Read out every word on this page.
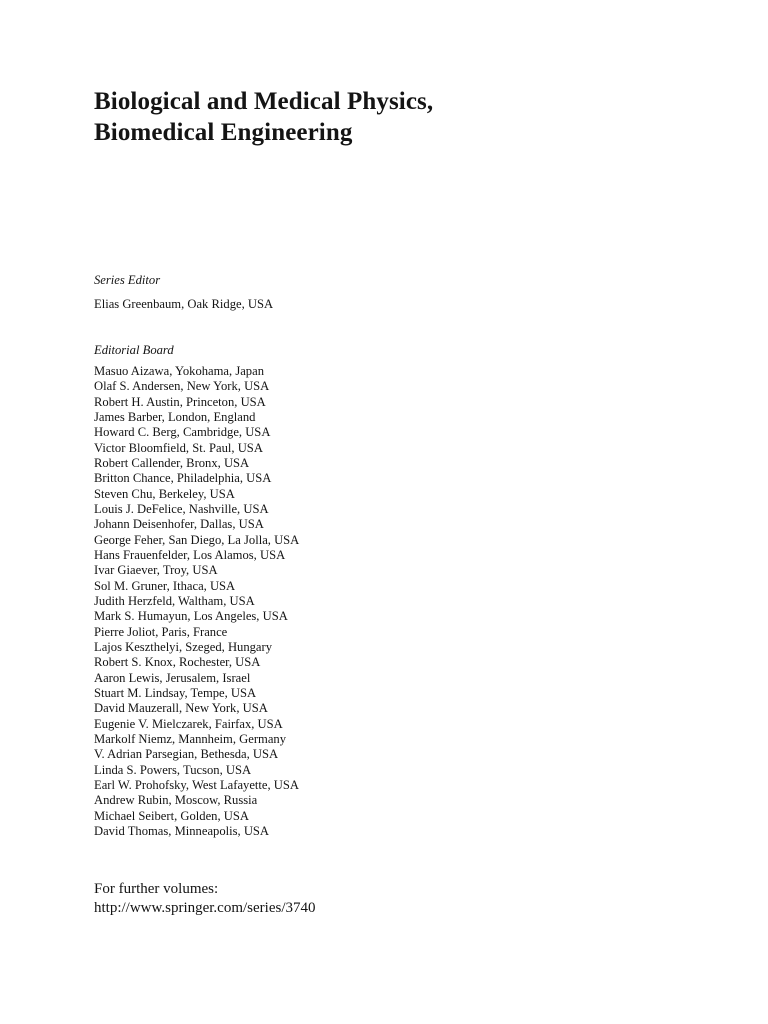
Biological and Medical Physics,
Biomedical Engineering

Series Editor

Elias Greenbaum, Oak Ridge, USA

Editorial Board

Masuo Aizawa, Yokohama, Japan
Olaf S. Andersen, New York, USA
Robert H. Austin, Princeton, USA
James Barber, London, England
Howard C. Berg, Cambridge, USA
Victor Bloomfield, St. Paul, USA
Robert Callender, Bronx, USA
Britton Chance, Philadelphia, USA
Steven Chu, Berkeley, USA
Louis J. DeFelice, Nashville, USA
Johann Deisenhofer, Dallas, USA
George Feher, San Diego, La Jolla, USA
Hans Frauenfelder, Los Alamos, USA
Ivar Giaever, Troy, USA
Sol M. Gruner, Ithaca, USA
Judith Herzfeld, Waltham, USA
Mark S. Humayun, Los Angeles, USA
Pierre Joliot, Paris, France
Lajos Keszthelyi, Szeged, Hungary
Robert S. Knox, Rochester, USA
Aaron Lewis, Jerusalem, Israel
Stuart M. Lindsay, Tempe, USA
David Mauzerall, New York, USA
Eugenie V. Mielczarek, Fairfax, USA
Markolf Niemz, Mannheim, Germany
V. Adrian Parsegian, Bethesda, USA
Linda S. Powers, Tucson, USA
Earl W. Prohofsky, West Lafayette, USA
Andrew Rubin, Moscow, Russia
Michael Seibert, Golden, USA
David Thomas, Minneapolis, USA

For further volumes:
http://www.springer.com/series/3740
